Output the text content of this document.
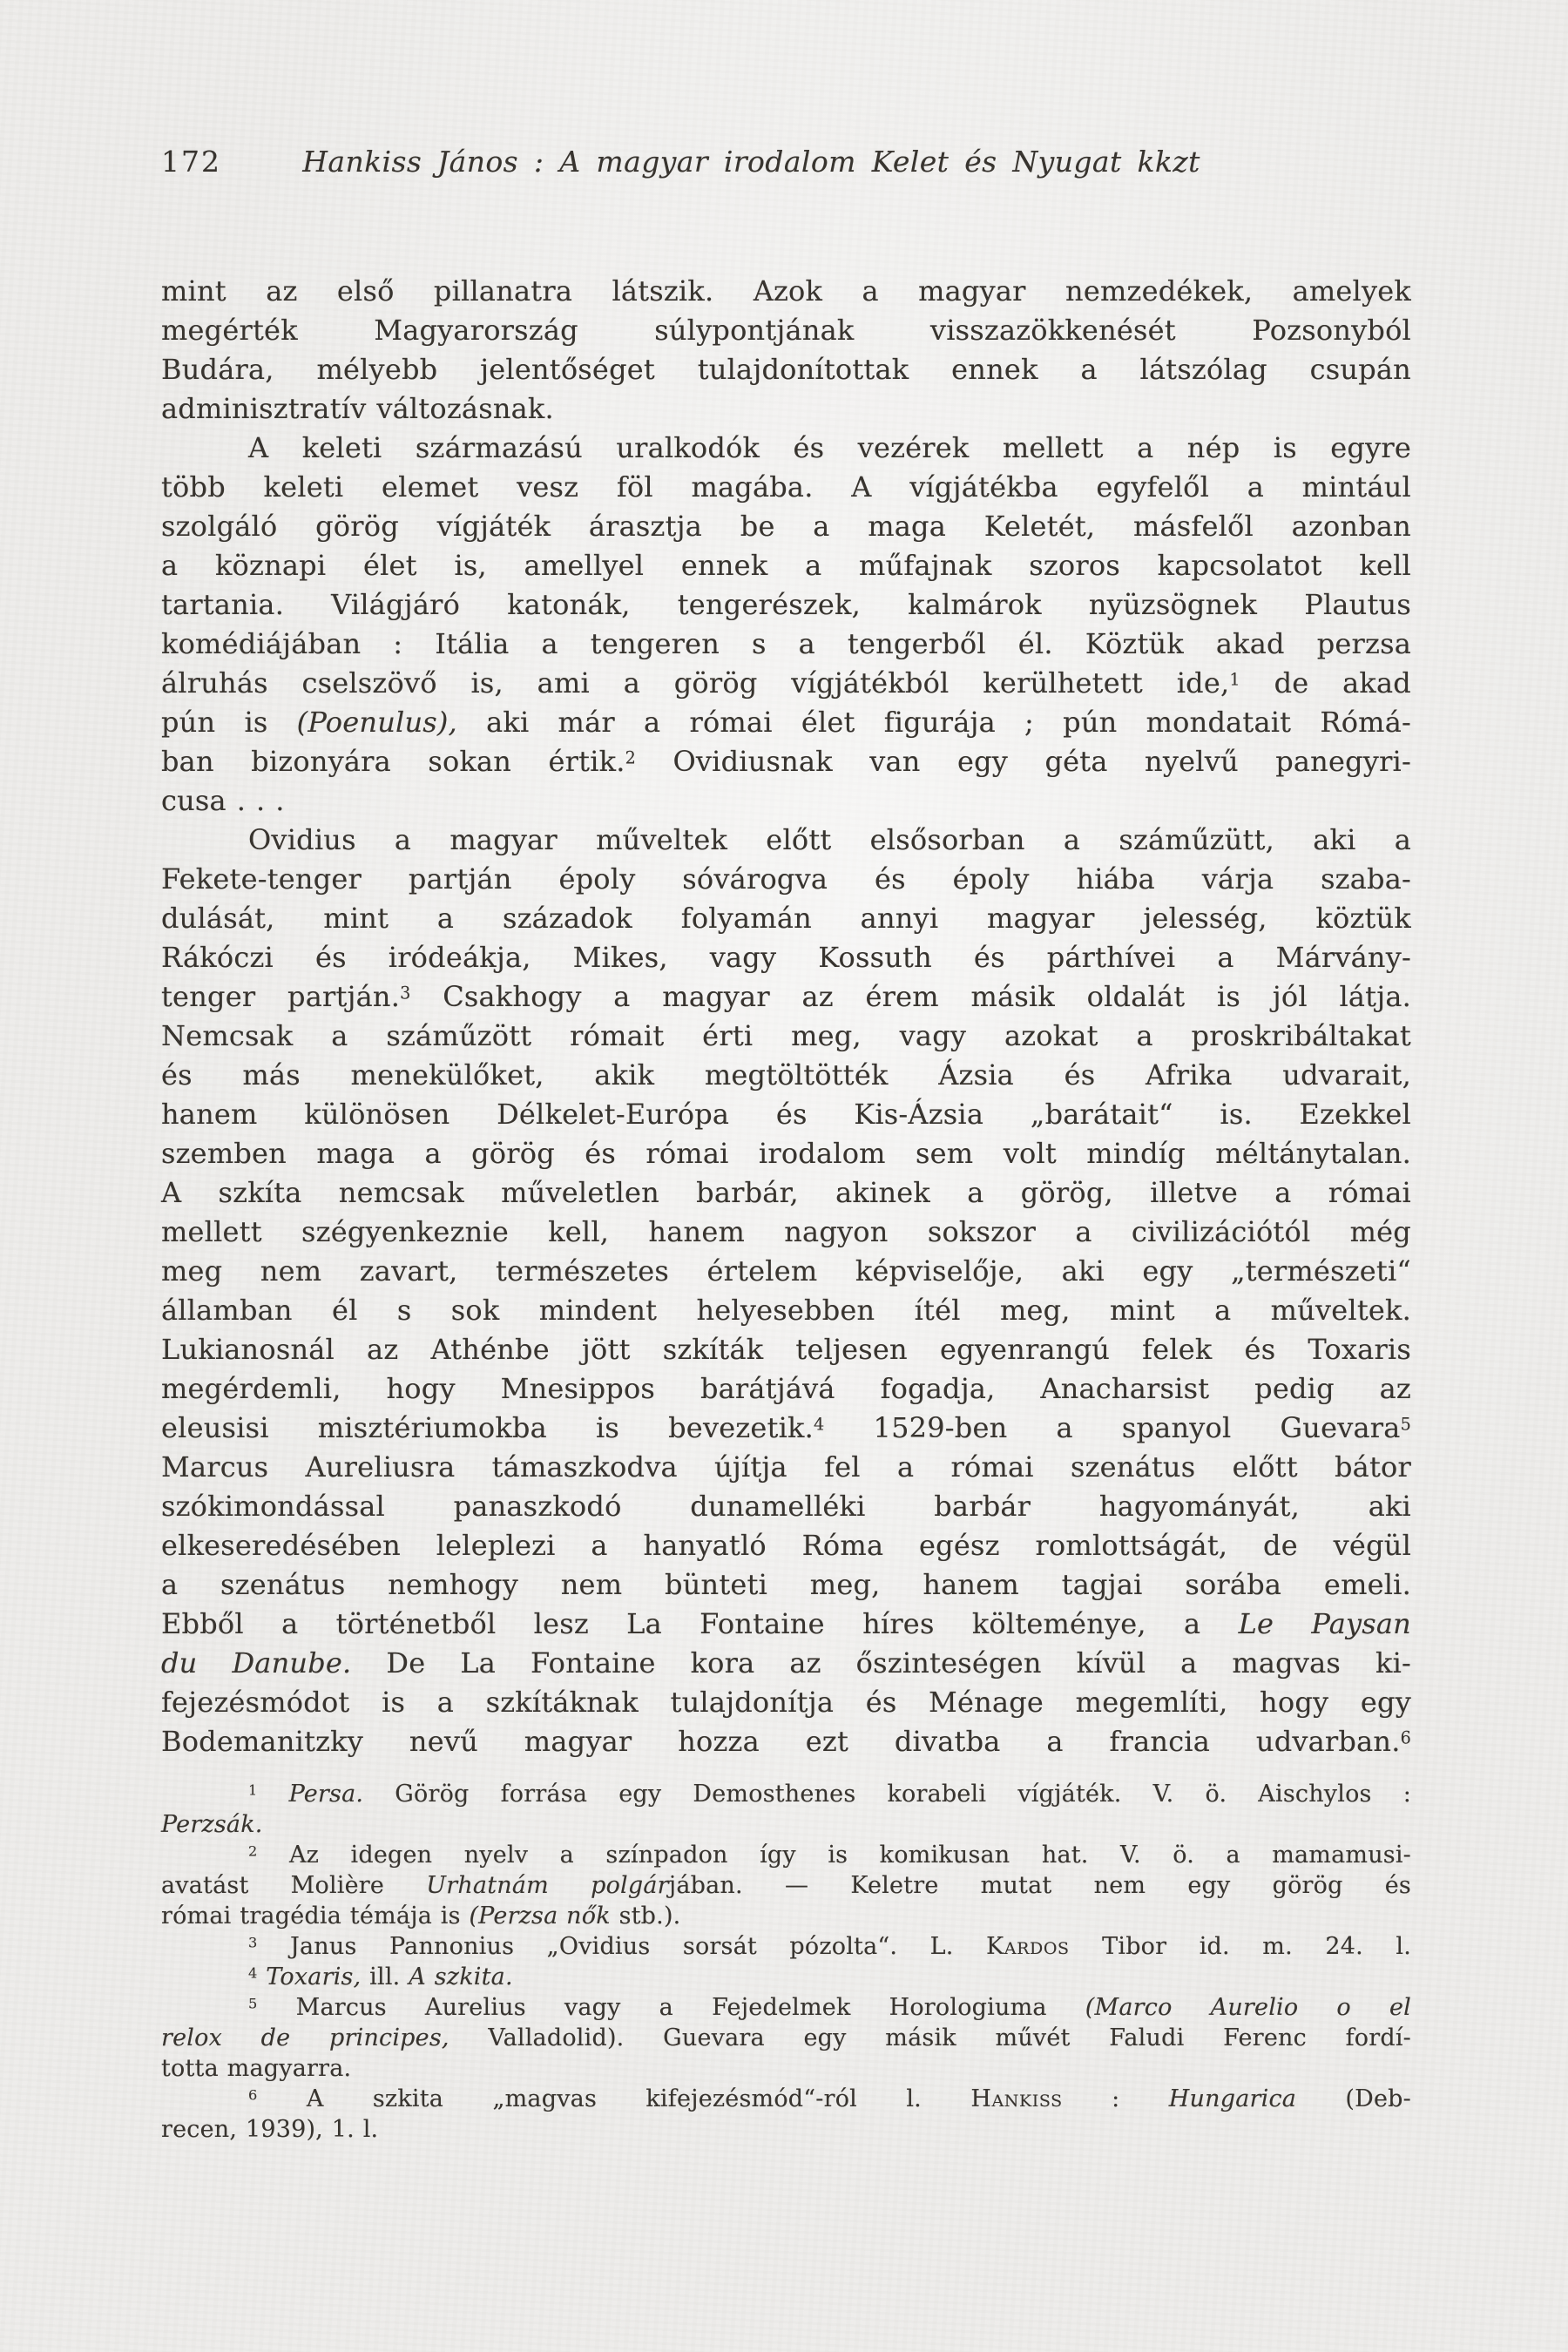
172	Hankiss János : A magyar irodalom Kelet és Nyugat kkzt
mint az első pillanatra látszik. Azok a magyar nemzedékek, amelyek
megérték Magyarország súlypontjának visszazökkenését Pozsonyból
Budára, mélyebb jelentőséget tulajdonítottak ennek a látszólag csupán
adminisztratív változásnak.
A keleti származású uralkodók és vezérek mellett a nép is egyre
több keleti elemet vesz föl magába. A vígjátékba egyfelől a mintául
szolgáló görög vígjáték árasztja be a maga Keletét, másfelől azonban
a köznapi élet is, amellyel ennek a műfajnak szoros kapcsolatot kell
tartania. Világjáró katonák, tengerészek, kalmárok nyüzsögnek Plautus
komédiájában : Itália a tengeren s a tengerből él. Köztük akad perzsa
álruhás cselszövő is, ami a görög vígjátékból kerülhetett ide,$^1$ de akad
pún is (Poenulus), aki már a római élet figurája ; pún mondatait Rómá-
ban bizonyára sokan értik.$^2$ Ovidiusnak van egy géta nyelvű panegyri-
cusa . . .
Ovidius a magyar műveltek előtt elsősorban a száműzütt, aki a
Fekete-tenger partján époly sóvárogva és époly hiába várja szaba-
dulását, mint a századok folyamán annyi magyar jelesség, köztük
Rákóczi és iródeákja, Mikes, vagy Kossuth és párthívei a Márvány-
tenger partján.$^3$ Csakhogy a magyar az érem másik oldalát is jól látja.
Nemcsak a száműzött rómait érti meg, vagy azokat a proskribáltakat
és más menekülőket, akik megtöltötték Ázsia és Afrika udvarait,
hanem különösen Délkelet-Európa és Kis-Ázsia „barátait“ is. Ezekkel
szemben maga a görög és római irodalom sem volt mindíg méltánytalan.
A szkíta nemcsak műveletlen barbár, akinek a görög, illetve a római
mellett szégyenkeznie kell, hanem nagyon sokszor a civilizációtól még
meg nem zavart, természetes értelem képviselője, aki egy „természeti“
államban él s sok mindent helyesebben ítél meg, mint a műveltek.
Lukianosnál az Athénbe jött szkíták teljesen egyenrangú felek és Toxaris
megérdemli, hogy Mnesippos barátjává fogadja, Anacharsist pedig az
eleusisi misztériumokba is bevezetik.$^4$ 1529-ben a spanyol Guevara$^5$
Marcus Aureliusra támaszkodva újítja fel a római szenátus előtt bátor
szókimondással panaszkodó dunamelléki barbár hagyományát, aki
elkeseredésében leleplezi a hanyatló Róma egész romlottságát, de végül
a szenátus nemhogy nem bünteti meg, hanem tagjai sorába emeli.
Ebből a történetből lesz La Fontaine híres költeménye, a Le Paysan
du Danube. De La Fontaine kora az őszinteségen kívül a magvas ki-
fejezésmódot is a szkítáknak tulajdonítja és Ménage megemlíti, hogy egy
Bodemanitzky nevű magyar hozza ezt divatba a francia udvarban.$^6$
$^1$ Persa. Görög forrása egy Demosthenes korabeli vígjáték. V. ö. Aischylos :
Perzsák.
$^2$ Az idegen nyelv a színpadon így is komikusan hat. V. ö. a mamamusi-
avatást Molière Urhatnám polgárjában. — Keletre mutat nem egy görög és
római tragédia témája is (Perzsa nők stb.).
$^3$ Janus Pannonius „Ovidius sorsát pózolta“. L. Kardos Tibor id. m. 24. l.
$^4$ Toxaris, ill. A szkita.
$^5$ Marcus Aurelius vagy a Fejedelmek Horologiuma (Marco Aurelio o el
relox de principes, Valladolid). Guevara egy másik művét Faludi Ferenc fordí-
totta magyarra.
$^6$ A szkita „magvas kifejezésmód“-ról l. Hankiss : Hungarica (Deb-
recen, 1939), 1. l.
